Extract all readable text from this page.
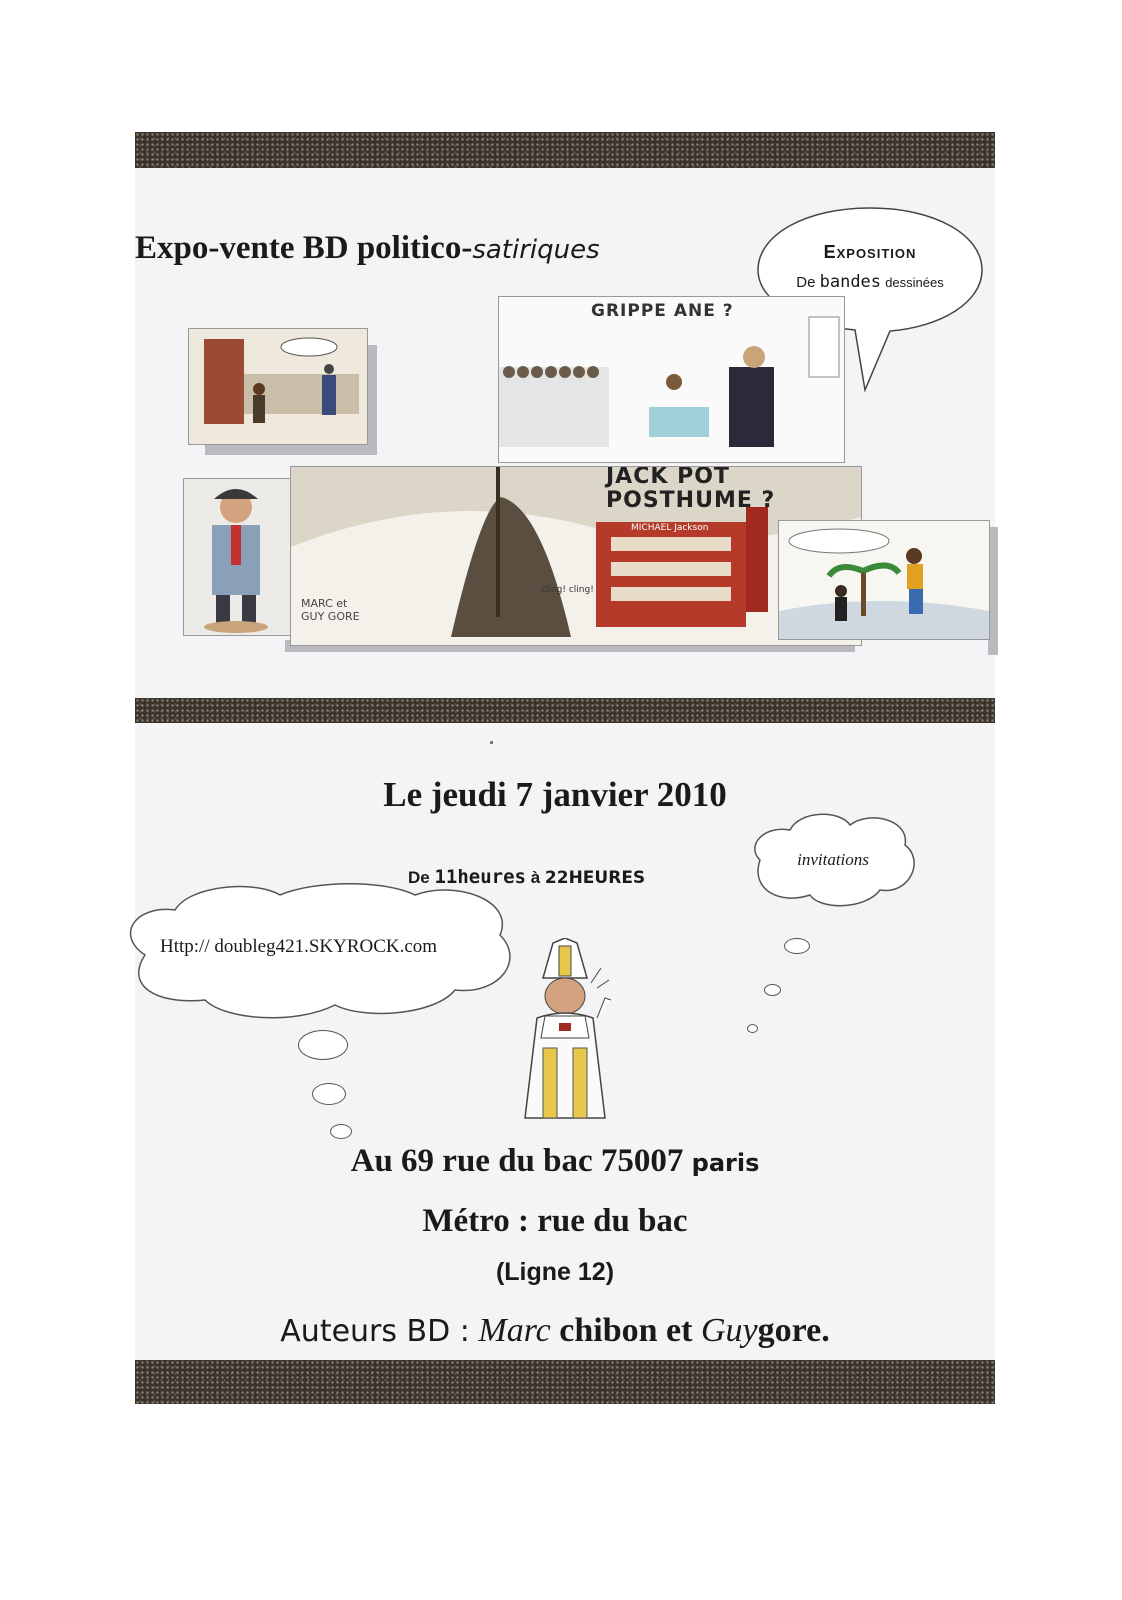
Expo-vente BD politico-satiriques	Exposition
De bandes dessinées
GRIPPE ANE ?
JACK POT POSTHUME ?
MICHAEL Jackson
cling! cling!
MARC et GUY GORE
Le jeudi 7 janvier 2010
De 11heures à 22HEURES
invitations
Http:// doubleg421.SKYROCK.com
Au 69 rue du bac 75007 paris
Métro : rue du bac
(Ligne 12)
Auteurs BD : Marc chibon et Guygore.
